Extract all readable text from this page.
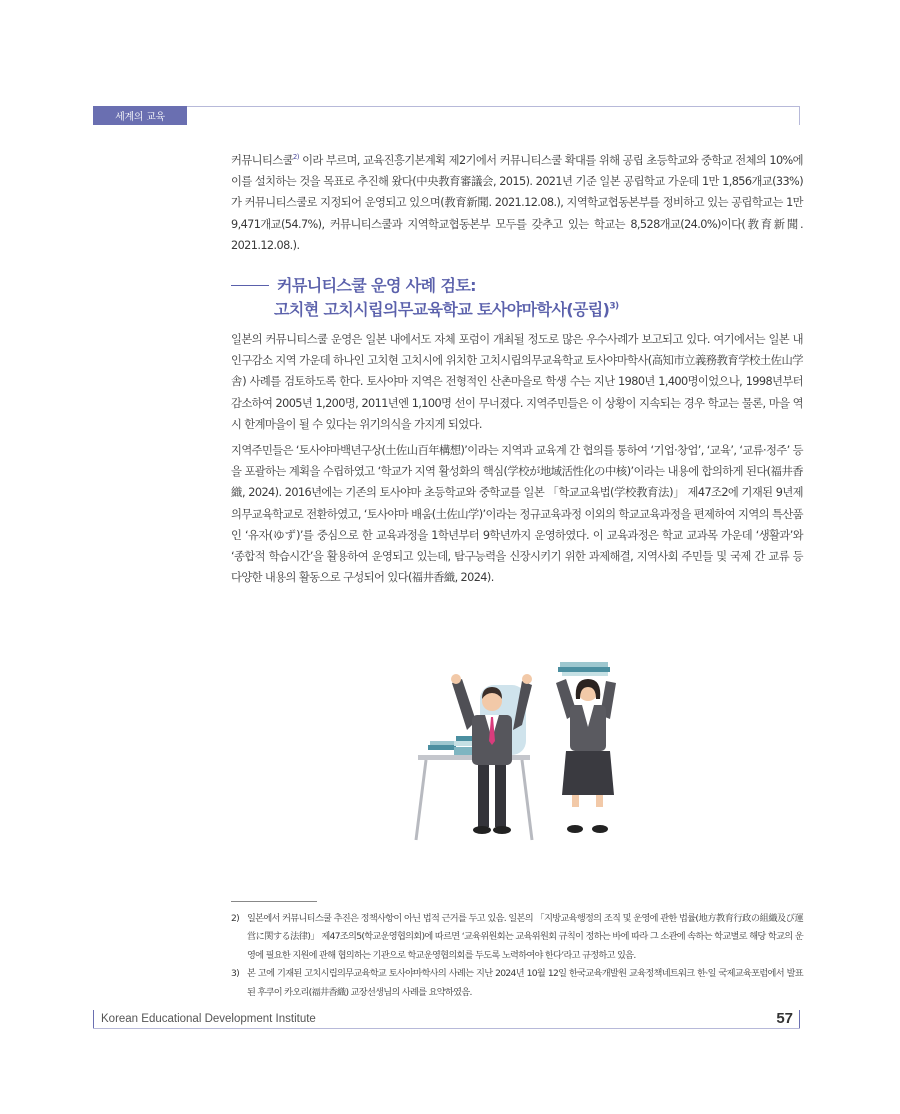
세계의 교육

커뮤니티스쿨$^{2)}$ 이라 부르며, 교육진흥기본계획 제2기에서 커뮤니티스쿨 확대를 위해 공립 초등학교와 중학교 전체의 10%에 이를 설치하는 것을 목표로 추진해 왔다(中央教育審議会, 2015). 2021년 기준 일본 공립학교 가운데 1만 1,856개교(33%)가 커뮤니티스쿨로 지정되어 운영되고 있으며(教育新聞. 2021.12.08.), 지역학교협동본부를 정비하고 있는 공립학교는 1만 9,471개교(54.7%), 커뮤니티스쿨과 지역학교협동본부 모두를 갖추고 있는 학교는 8,528개교(24.0%)이다(教育新聞. 2021.12.08.).

커뮤니티스쿨 운영 사례 검토:
고치현 고치시립의무교육학교 토사야마학사(공립)$^{3)}$

일본의 커뮤니티스쿨 운영은 일본 내에서도 자체 포럼이 개최될 정도로 많은 우수사례가 보고되고 있다. 여기에서는 일본 내 인구감소 지역 가운데 하나인 고치현 고치시에 위치한 고치시립의무교육학교 토사야마학사(高知市立義務教育学校土佐山学舎) 사례를 검토하도록 한다. 토사야마 지역은 전형적인 산촌마을로 학생 수는 지난 1980년 1,400명이었으나, 1998년부터 감소하여 2005년 1,200명, 2011년엔 1,100명 선이 무너졌다. 지역주민들은 이 상황이 지속되는 경우 학교는 물론, 마을 역시 한계마을이 될 수 있다는 위기의식을 가지게 되었다.

지역주민들은 ‘토사야마백년구상(土佐山百年構想)’이라는 지역과 교육계 간 협의를 통하여 ‘기업·창업’, ‘교육’, ‘교류·정주’ 등을 포괄하는 계획을 수립하였고 ‘학교가 지역 활성화의 핵심(学校が地域活性化の中核)’이라는 내용에 합의하게 된다(福井香織, 2024). 2016년에는 기존의 토사야마 초등학교와 중학교를 일본 「학교교육법(学校教育法)」 제47조2에 기재된 9년제 의무교육학교로 전환하였고, ‘토사야마 배움(土佐山学)’이라는 정규교육과정 이외의 학교교육과정을 편제하여 지역의 특산품인 ‘유자(ゆず)’를 중심으로 한 교육과정을 1학년부터 9학년까지 운영하였다. 이 교육과정은 학교 교과목 가운데 ‘생활과’와 ‘종합적 학습시간’을 활용하여 운영되고 있는데, 탐구능력을 신장시키기 위한 과제해결, 지역사회 주민들 및 국제 간 교류 등 다양한 내용의 활동으로 구성되어 있다(福井香織, 2024).

2) 일본에서 커뮤니티스쿨 추진은 정책사항이 아닌 법적 근거를 두고 있음. 일본의 「지방교육행정의 조직 및 운영에 관한 법률(地方教育行政の組織及び運営に関する法律)」 제47조의5(학교운영협의회)에 따르면 ‘교육위원회는 교육위원회 규칙이 정하는 바에 따라 그 소관에 속하는 학교별로 해당 학교의 운영에 필요한 지원에 관해 협의하는 기관으로 학교운영협의회를 두도록 노력하여야 한다’라고 규정하고 있음.
3) 본 고에 기재된 고치시립의무교육학교 토사야마학사의 사례는 지난 2024년 10월 12일 한국교육개발원 교육정책네트워크 한·일 국제교육포럼에서 발표된 후쿠이 카오리(福井香織) 교장선생님의 사례를 요약하였음.
Korean Educational Development Institute	57
